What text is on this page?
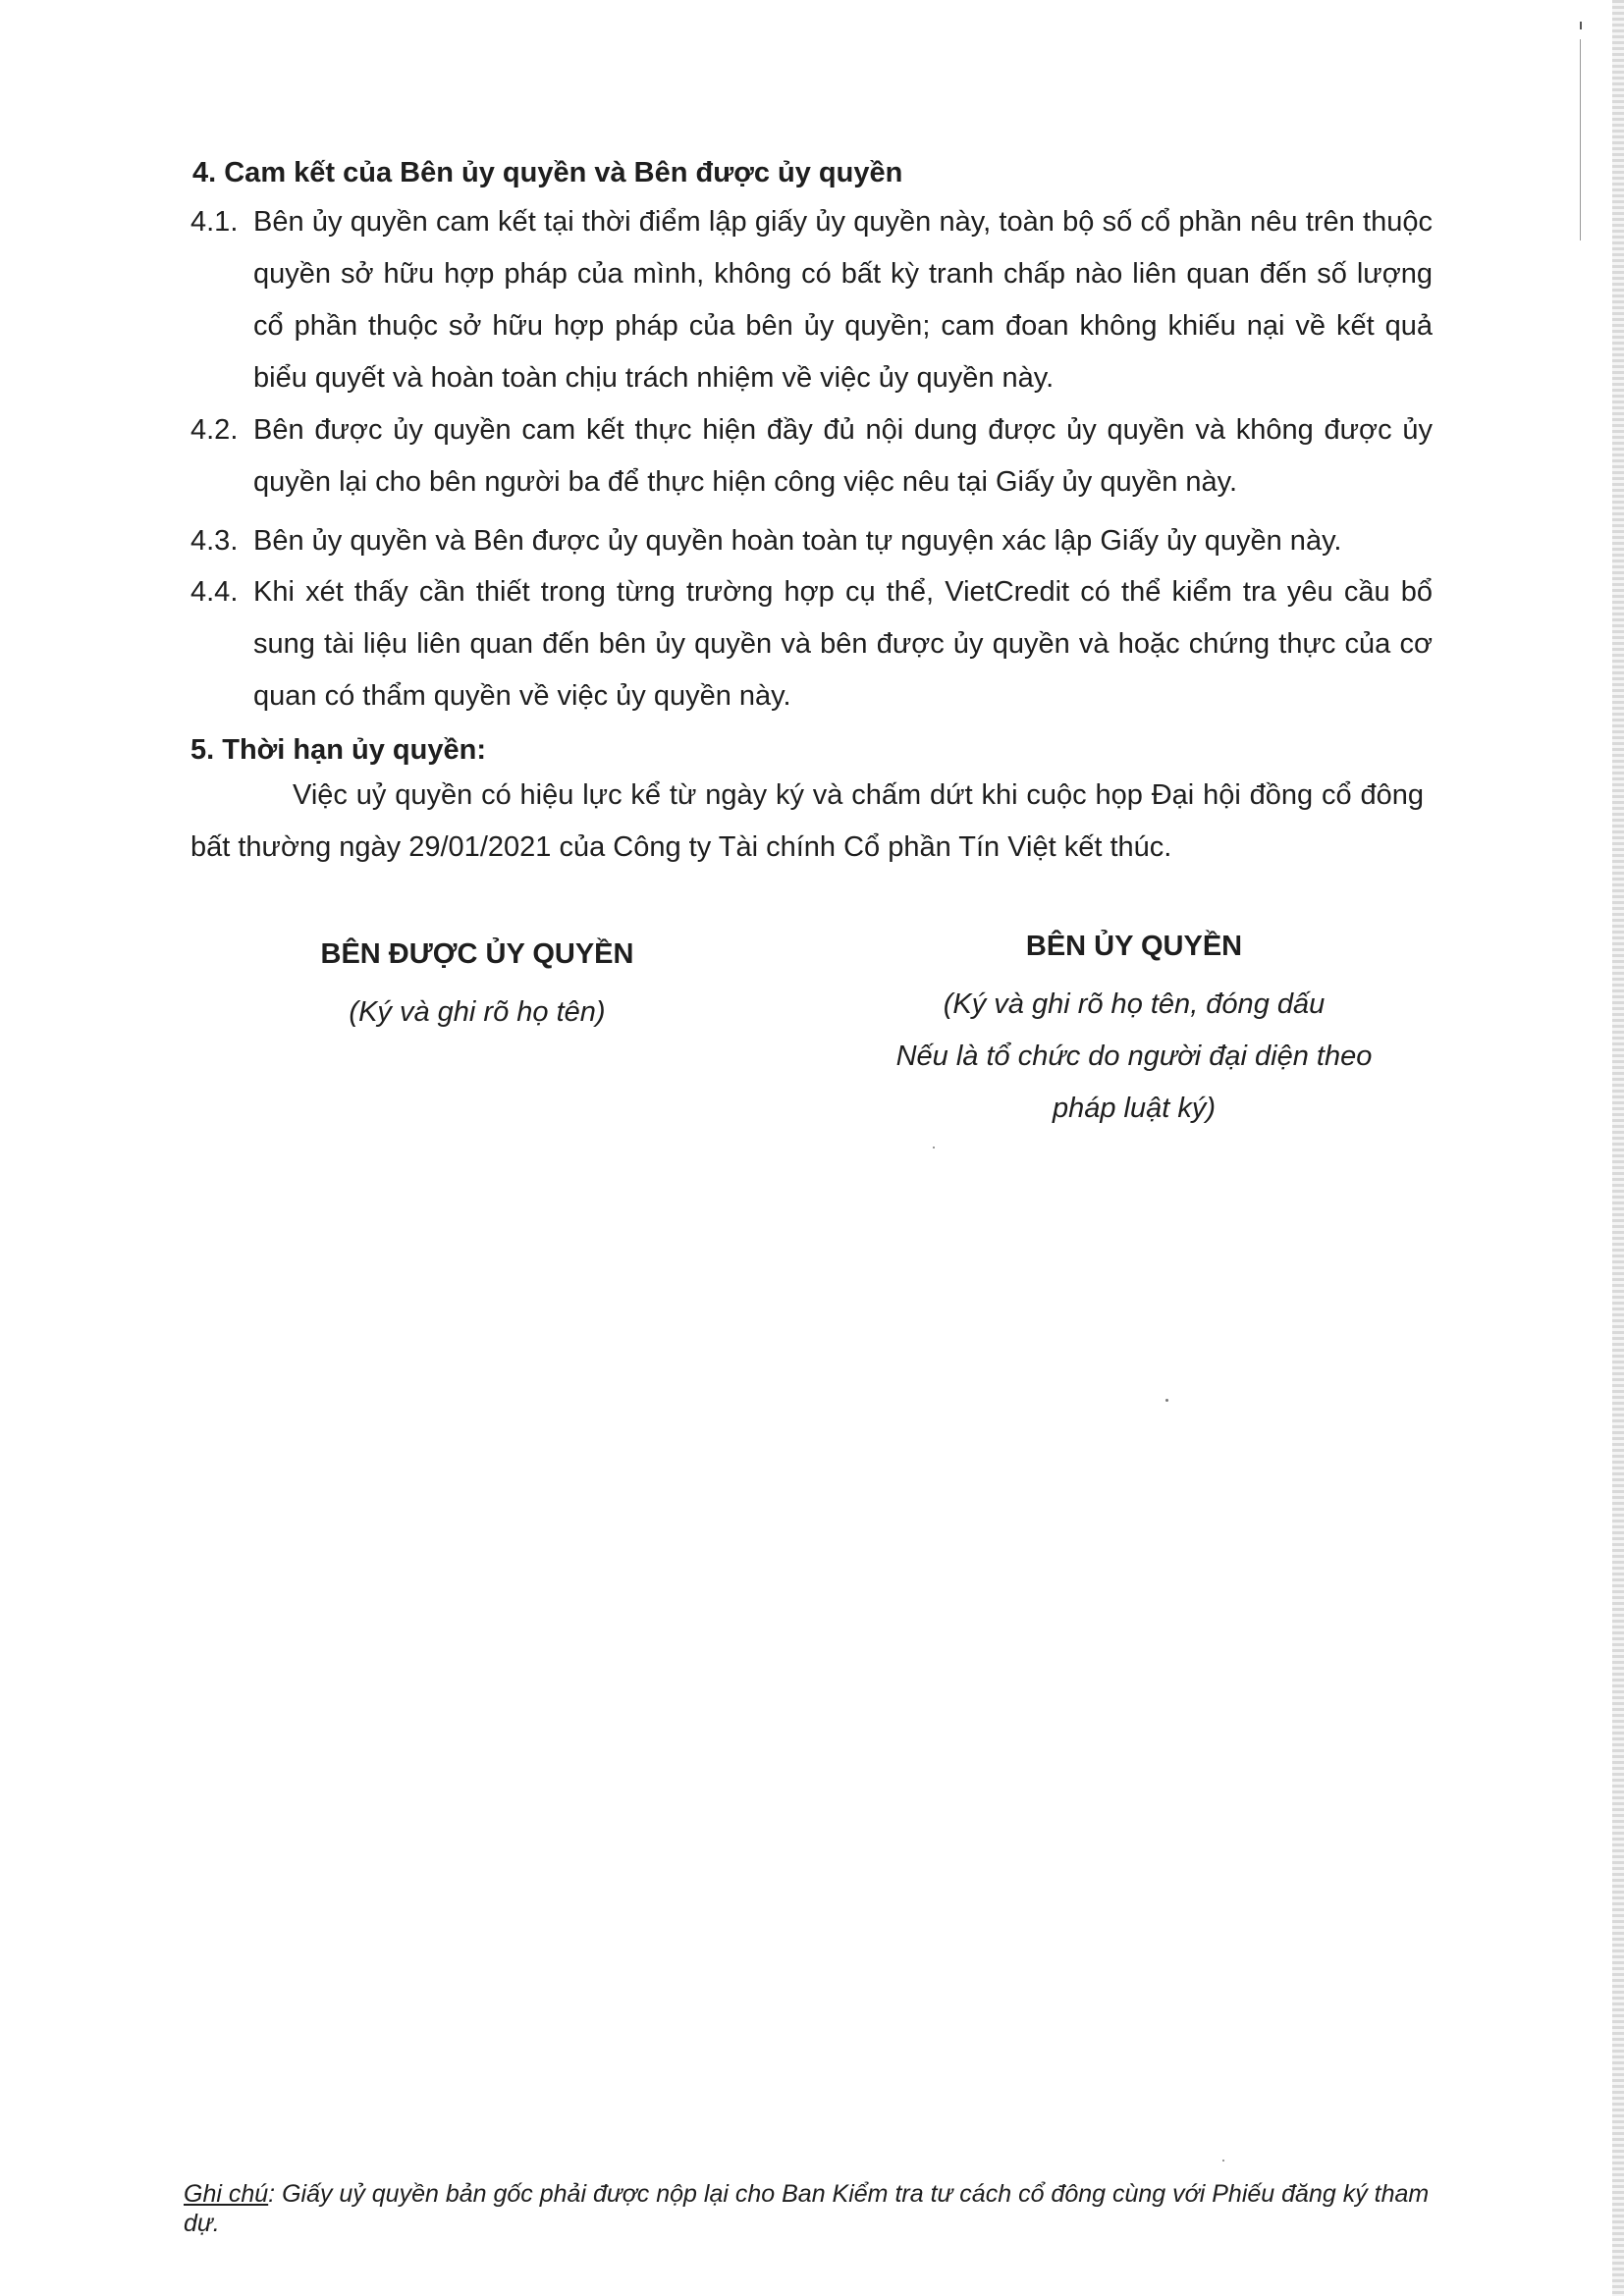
4. Cam kết của Bên ủy quyền và Bên được ủy quyền
4.1. Bên ủy quyền cam kết tại thời điểm lập giấy ủy quyền này, toàn bộ số cổ phần nêu trên thuộc quyền sở hữu hợp pháp của mình, không có bất kỳ tranh chấp nào liên quan đến số lượng cổ phần thuộc sở hữu hợp pháp của bên ủy quyền; cam đoan không khiếu nại về kết quả biểu quyết và hoàn toàn chịu trách nhiệm về việc ủy quyền này.
4.2. Bên được ủy quyền cam kết thực hiện đầy đủ nội dung được ủy quyền và không được ủy quyền lại cho bên người ba để thực hiện công việc nêu tại Giấy ủy quyền này.
4.3. Bên ủy quyền và Bên được ủy quyền hoàn toàn tự nguyện xác lập Giấy ủy quyền này.
4.4. Khi xét thấy cần thiết trong từng trường hợp cụ thể, VietCredit có thể kiểm tra yêu cầu bổ sung tài liệu liên quan đến bên ủy quyền và bên được ủy quyền và hoặc chứng thực của cơ quan có thẩm quyền về việc ủy quyền này.
5. Thời hạn ủy quyền:

Việc uỷ quyền có hiệu lực kể từ ngày ký và chấm dứt khi cuộc họp Đại hội đồng cổ đông bất thường ngày 29/01/2021 của Công ty Tài chính Cổ phần Tín Việt kết thúc.

BÊN ĐƯỢC ỦY QUYỀN
(Ký và ghi rõ họ tên)
BÊN ỦY QUYỀN
(Ký và ghi rõ họ tên, đóng dấu
Nếu là tổ chức do người đại diện theo
pháp luật ký)

Ghi chú: Giấy uỷ quyền bản gốc phải được nộp lại cho Ban Kiểm tra tư cách cổ đông cùng với Phiếu đăng ký tham dự.
